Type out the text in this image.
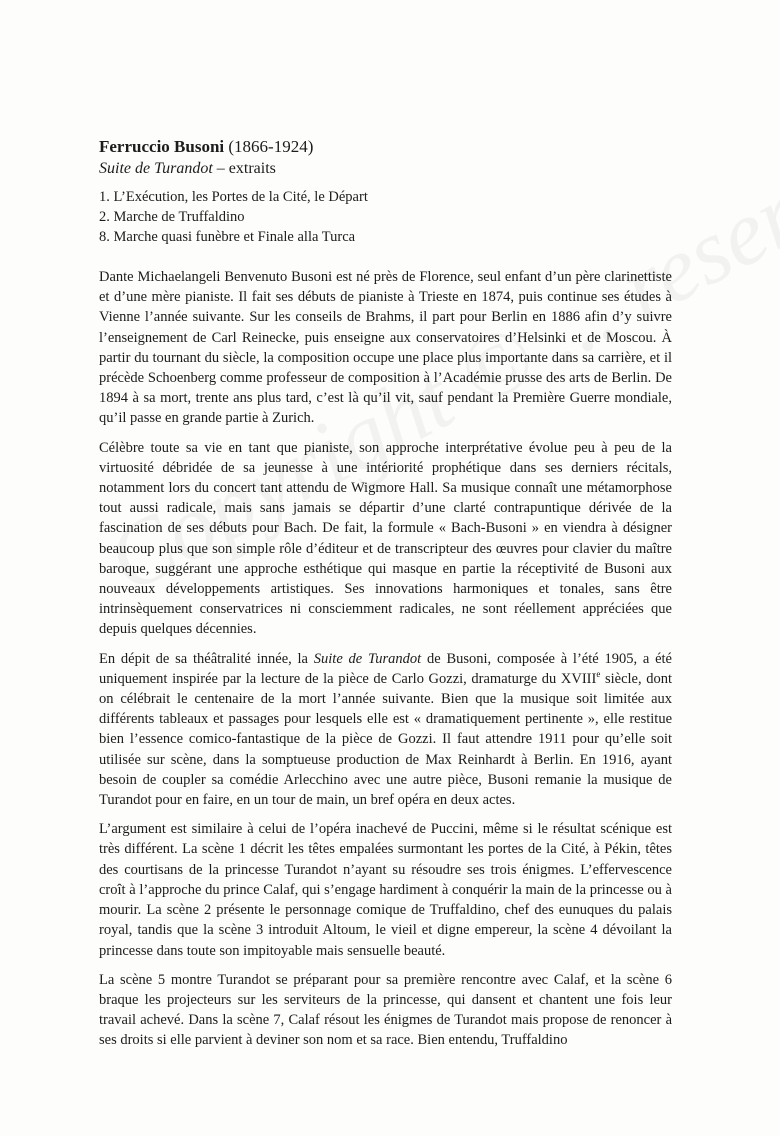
Ferruccio Busoni (1866-1924)
Suite de Turandot – extraits
1. L’Exécution, les Portes de la Cité, le Départ
2. Marche de Truffaldino
8. Marche quasi funèbre et Finale alla Turca

Dante Michaelangeli Benvenuto Busoni est né près de Florence, seul enfant d’un père clarinettiste et d’une mère pianiste. Il fait ses débuts de pianiste à Trieste en 1874, puis continue ses études à Vienne l’année suivante. Sur les conseils de Brahms, il part pour Berlin en 1886 afin d’y suivre l’enseignement de Carl Reinecke, puis enseigne aux conservatoires d’Helsinki et de Moscou. À partir du tournant du siècle, la composition occupe une place plus importante dans sa carrière, et il précède Schoenberg comme professeur de composition à l’Académie prusse des arts de Berlin. De 1894 à sa mort, trente ans plus tard, c’est là qu’il vit, sauf pendant la Première Guerre mondiale, qu’il passe en grande partie à Zurich.

Célèbre toute sa vie en tant que pianiste, son approche interprétative évolue peu à peu de la virtuosité débridée de sa jeunesse à une intériorité prophétique dans ses derniers récitals, notamment lors du concert tant attendu de Wigmore Hall. Sa musique connaît une métamorphose tout aussi radicale, mais sans jamais se départir d’une clarté contrapuntique dérivée de la fascination de ses débuts pour Bach. De fait, la formule « Bach-Busoni » en viendra à désigner beaucoup plus que son simple rôle d’éditeur et de transcripteur des œuvres pour clavier du maître baroque, suggérant une approche esthétique qui masque en partie la réceptivité de Busoni aux nouveaux développements artistiques. Ses innovations harmoniques et tonales, sans être intrinsèquement conservatrices ni consciemment radicales, ne sont réellement appréciées que depuis quelques décennies.

En dépit de sa théâtralité innée, la Suite de Turandot de Busoni, composée à l’été 1905, a été uniquement inspirée par la lecture de la pièce de Carlo Gozzi, dramaturge du XVIIIe siècle, dont on célébrait le centenaire de la mort l’année suivante. Bien que la musique soit limitée aux différents tableaux et passages pour lesquels elle est « dramatiquement pertinente », elle restitue bien l’essence comico-fantastique de la pièce de Gozzi. Il faut attendre 1911 pour qu’elle soit utilisée sur scène, dans la somptueuse production de Max Reinhardt à Berlin. En 1916, ayant besoin de coupler sa comédie Arlecchino avec une autre pièce, Busoni remanie la musique de Turandot pour en faire, en un tour de main, un bref opéra en deux actes.

L’argument est similaire à celui de l’opéra inachevé de Puccini, même si le résultat scénique est très différent. La scène 1 décrit les têtes empalées surmontant les portes de la Cité, à Pékin, têtes des courtisans de la princesse Turandot n’ayant su résoudre ses trois énigmes. L’effervescence croît à l’approche du prince Calaf, qui s’engage hardiment à conquérir la main de la princesse ou à mourir. La scène 2 présente le personnage comique de Truffaldino, chef des eunuques du palais royal, tandis que la scène 3 introduit Altoum, le vieil et digne empereur, la scène 4 dévoilant la princesse dans toute son impitoyable mais sensuelle beauté.

La scène 5 montre Turandot se préparant pour sa première rencontre avec Calaf, et la scène 6 braque les projecteurs sur les serviteurs de la princesse, qui dansent et chantent une fois leur travail achevé. Dans la scène 7, Calaf résout les énigmes de Turandot mais propose de renoncer à ses droits si elle parvient à deviner son nom et sa race. Bien entendu, Truffaldino
